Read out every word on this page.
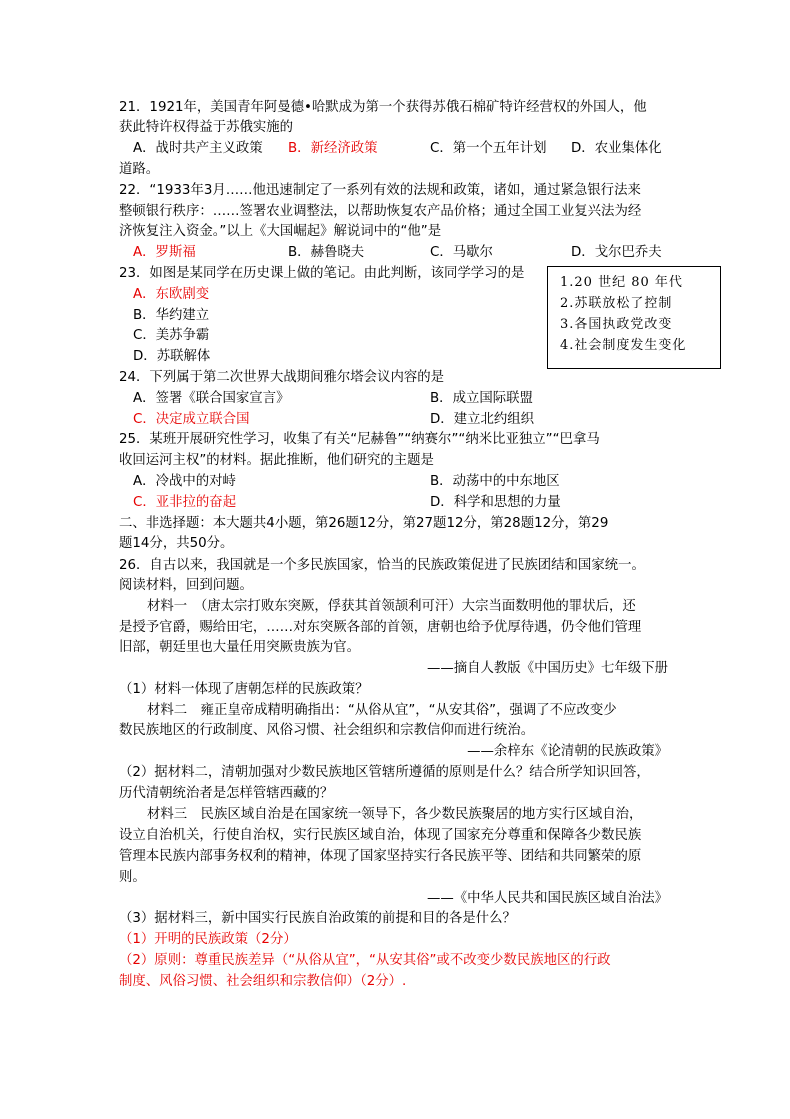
21．1921年，美国青年阿曼德•哈默成为第一个获得苏俄石棉矿特许经营权的外国人，他
获此特许权得益于苏俄实施的
A．战时共产主义政策 B．新经济政策	C．第一个五年计划 D．农业集体化
道路。
22．“1933年3月……他迅速制定了一系列有效的法规和政策，诸如，通过紧急银行法来
整顿银行秩序：……签署农业调整法，以帮助恢复农产品价格；通过全国工业复兴法为经
济恢复注入资金。”以上《大国崛起》解说词中的“他”是
A．罗斯福	B．赫鲁晓夫	C．马歇尔	D．戈尔巴乔夫
23．如图是某同学在历史课上做的笔记。由此判断，该同学学习的是
A．东欧剧变
B．华约建立
C．美苏争霸
D．苏联解体
1.20 世纪 80 年代
2.苏联放松了控制
3.各国执政党改变
4.社会制度发生变化
24．下列属于第二次世界大战期间雅尔塔会议内容的是
A．签署《联合国家宣言》	B．成立国际联盟
C．决定成立联合国	D．建立北约组织
25．某班开展研究性学习，收集了有关“尼赫鲁”“纳赛尔”“纳米比亚独立”“巴拿马
收回运河主权”的材料。据此推断，他们研究的主题是
A．冷战中的对峙	B．动荡中的中东地区
C．亚非拉的奋起	D．科学和思想的力量
二、非选择题：本大题共4小题，第26题12分，第27题12分，第28题12分，第29
题14分，共50分。
26．自古以来，我国就是一个多民族国家，恰当的民族政策促进了民族团结和国家统一。
阅读材料，回到问题。
材料一　（唐太宗打败东突厥，俘获其首领颉利可汗）大宗当面数明他的罪状后，还
是授予官爵，赐给田宅，……对东突厥各部的首领，唐朝也给予优厚待遇，仍令他们管理
旧部，朝廷里也大量任用突厥贵族为官。
——摘自人教版《中国历史》七年级下册
（1）材料一体现了唐朝怎样的民族政策？
材料二　雍正皇帝成精明确指出：“从俗从宜”，“从安其俗”，强调了不应改变少
数民族地区的行政制度、风俗习惯、社会组织和宗教信仰而进行统治。
——余梓东《论清朝的民族政策》
（2）据材料二，清朝加强对少数民族地区管辖所遵循的原则是什么？结合所学知识回答，
历代清朝统治者是怎样管辖西藏的？
材料三　民族区域自治是在国家统一领导下，各少数民族聚居的地方实行区域自治，
设立自治机关，行使自治权，实行民族区域自治，体现了国家充分尊重和保障各少数民族
管理本民族内部事务权利的精神，体现了国家坚持实行各民族平等、团结和共同繁荣的原
则。
——《中华人民共和国民族区域自治法》
（3）据材料三，新中国实行民族自治政策的前提和目的各是什么？
（1）开明的民族政策（2分）
（2）原则：尊重民族差异（“从俗从宜”，“从安其俗”或不改变少数民族地区的行政
制度、风俗习惯、社会组织和宗教信仰）（2分）.
